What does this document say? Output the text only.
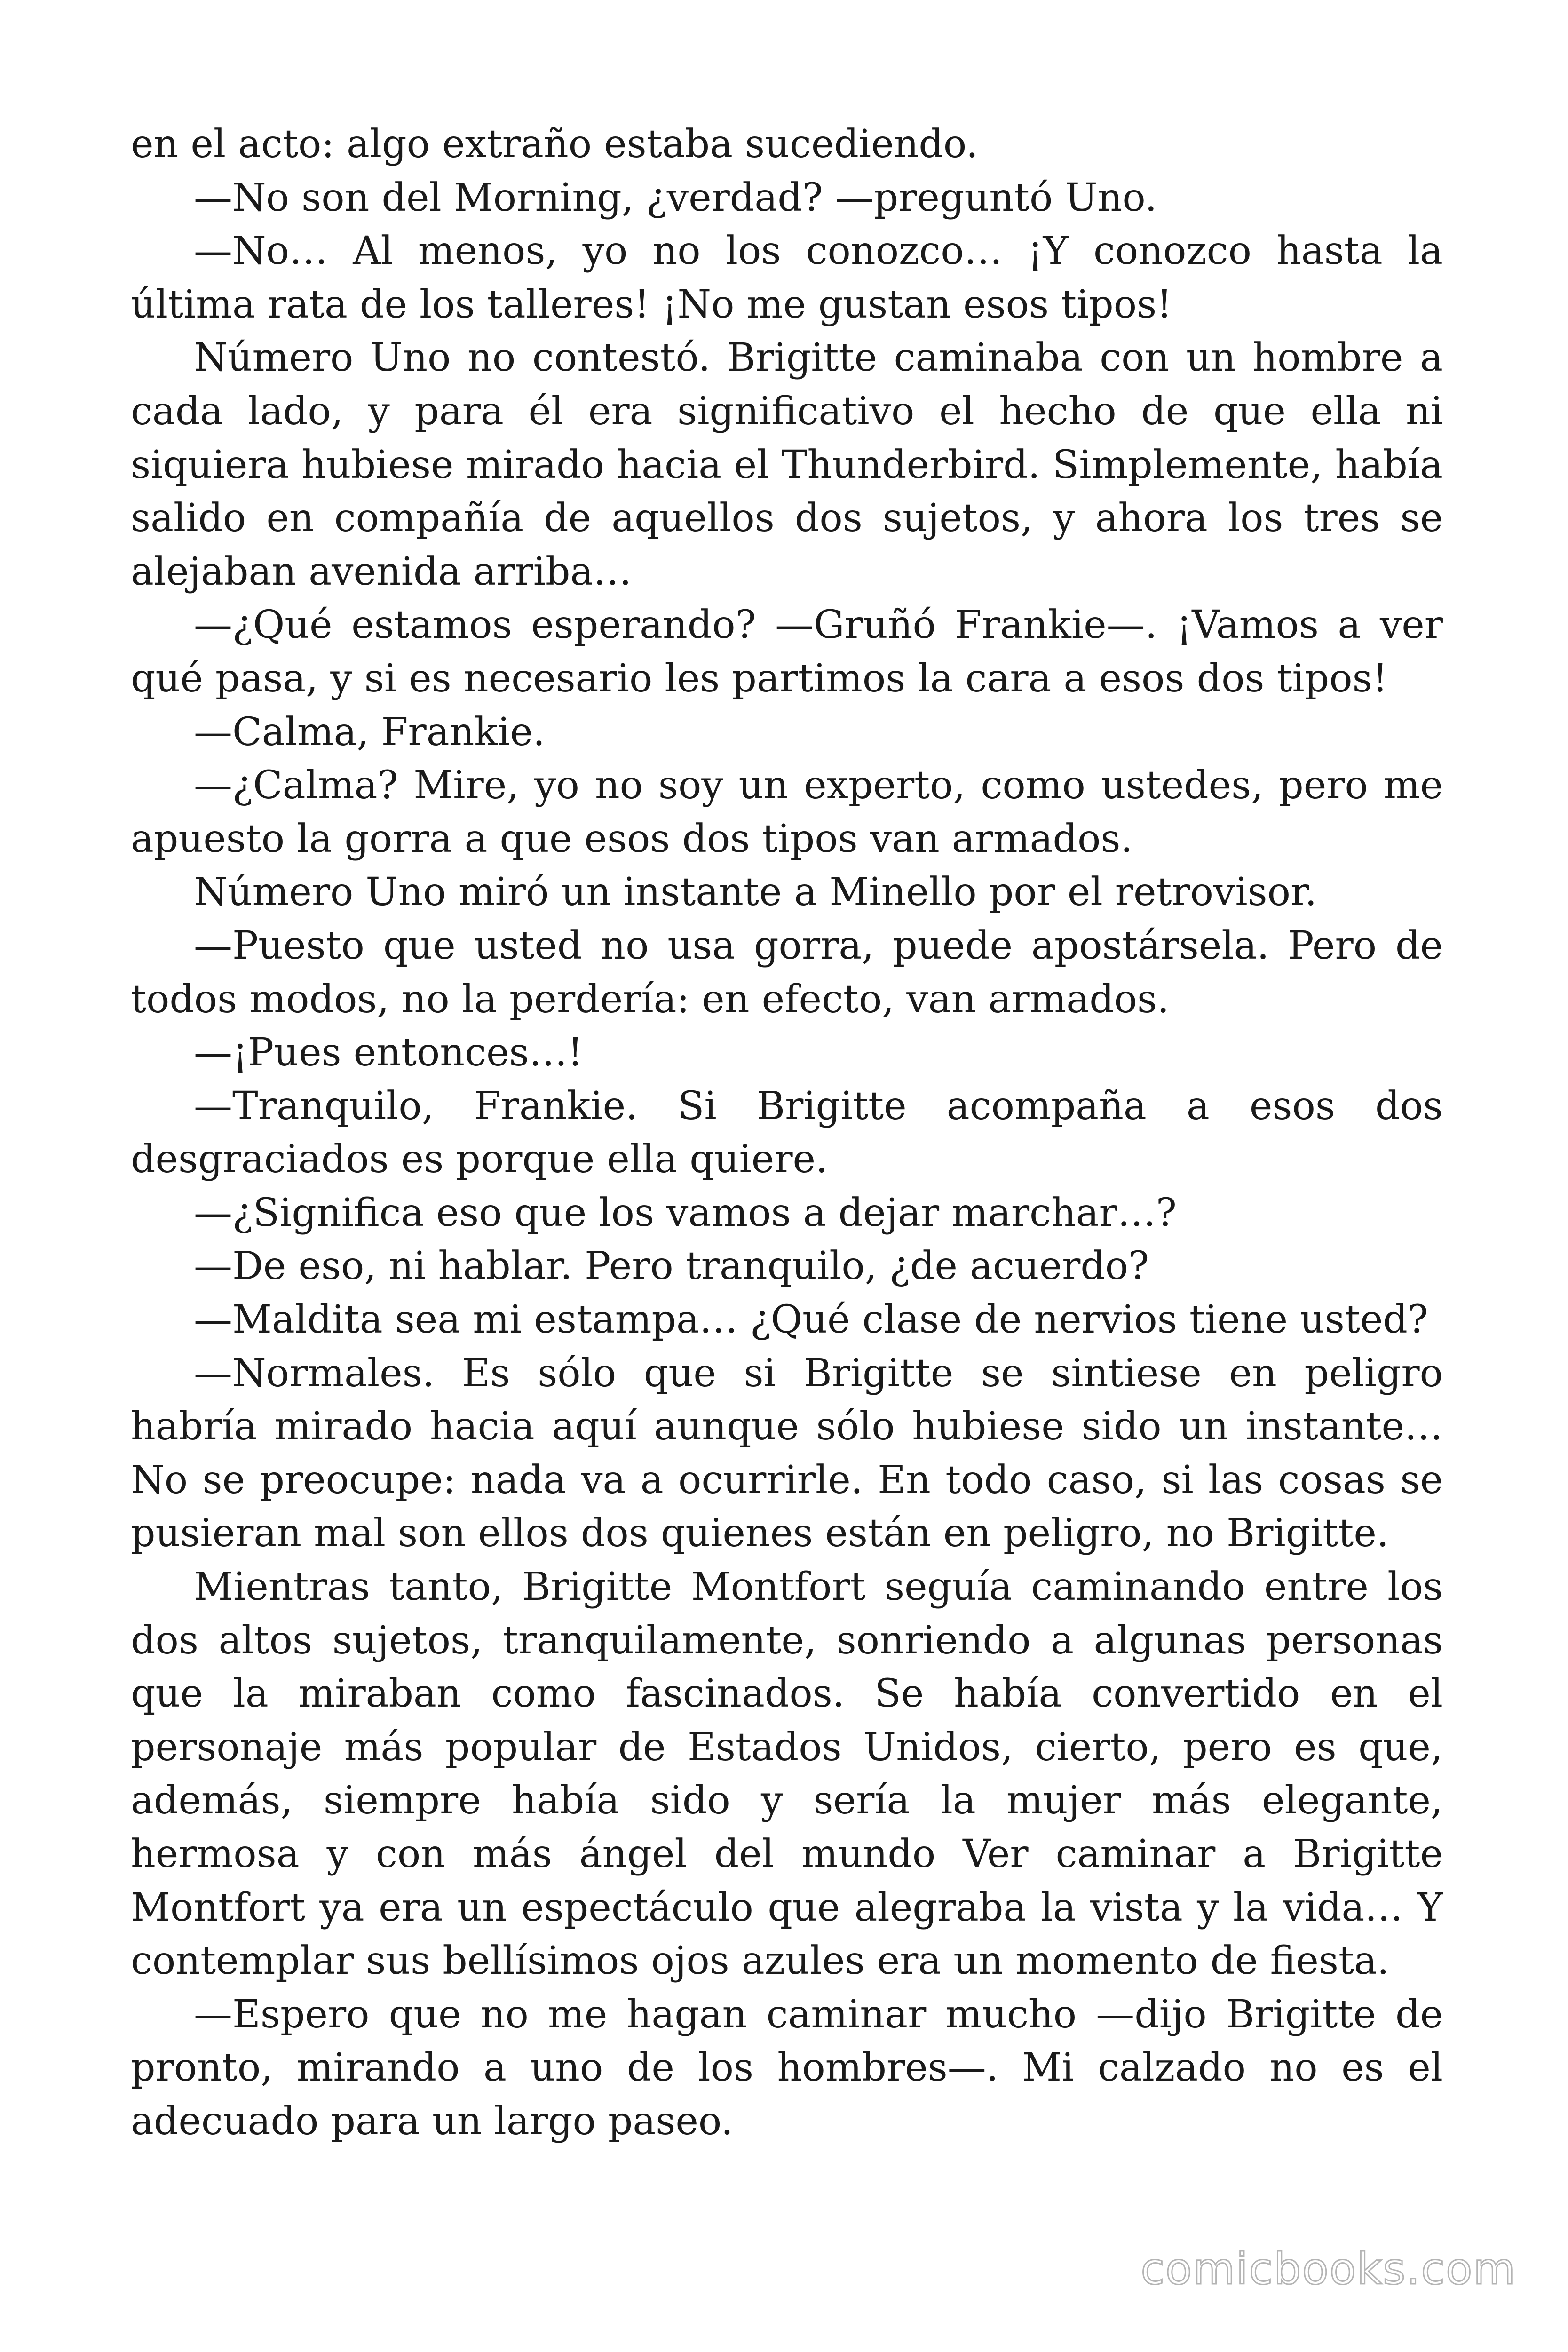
en el acto: algo extraño estaba sucediendo.

—No son del Morning, ¿verdad? —preguntó Uno.

—No… Al menos, yo no los conozco… ¡Y conozco hasta la última rata de los talleres! ¡No me gustan esos tipos!

Número Uno no contestó. Brigitte caminaba con un hombre a cada lado, y para él era significativo el hecho de que ella ni siquiera hubiese mirado hacia el Thunderbird. Simplemente, había salido en compañía de aquellos dos sujetos, y ahora los tres se alejaban avenida arriba…

—¿Qué estamos esperando? —Gruñó Frankie—. ¡Vamos a ver qué pasa, y si es necesario les partimos la cara a esos dos tipos!

—Calma, Frankie.

—¿Calma? Mire, yo no soy un experto, como ustedes, pero me apuesto la gorra a que esos dos tipos van armados.

Número Uno miró un instante a Minello por el retrovisor.

—Puesto que usted no usa gorra, puede apostársela. Pero de todos modos, no la perdería: en efecto, van armados.

—¡Pues entonces…!

—Tranquilo, Frankie. Si Brigitte acompaña a esos dos desgraciados es porque ella quiere.

—¿Significa eso que los vamos a dejar marchar…?

—De eso, ni hablar. Pero tranquilo, ¿de acuerdo?

—Maldita sea mi estampa… ¿Qué clase de nervios tiene usted?

—Normales. Es sólo que si Brigitte se sintiese en peligro habría mirado hacia aquí aunque sólo hubiese sido un instante… No se preocupe: nada va a ocurrirle. En todo caso, si las cosas se pusieran mal son ellos dos quienes están en peligro, no Brigitte.

Mientras tanto, Brigitte Montfort seguía caminando entre los dos altos sujetos, tranquilamente, sonriendo a algunas personas que la miraban como fascinados. Se había convertido en el personaje más popular de Estados Unidos, cierto, pero es que, además, siempre había sido y sería la mujer más elegante, hermosa y con más ángel del mundo Ver caminar a Brigitte Montfort ya era un espectáculo que alegraba la vista y la vida… Y contemplar sus bellísimos ojos azules era un momento de fiesta.

—Espero que no me hagan caminar mucho —dijo Brigitte de pronto, mirando a uno de los hombres—. Mi calzado no es el adecuado para un largo paseo.

comicbooks.com
